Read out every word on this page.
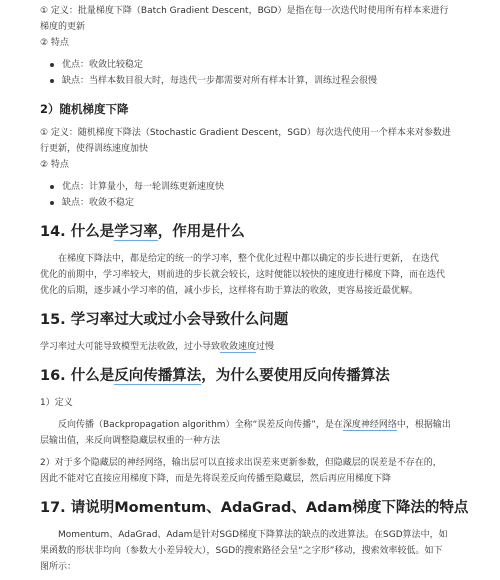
① 定义：批量梯度下降（Batch Gradient Descent，BGD）是指在每一次迭代时使用所有样本来进行

梯度的更新

② 特点

优点：收敛比较稳定
缺点：当样本数目很大时，每迭代一步都需要对所有样本计算，训练过程会很慢
2）随机梯度下降

① 定义：随机梯度下降法（Stochastic Gradient Descent，SGD）每次迭代使用一个样本来对参数进

行更新，使得训练速度加快

② 特点

优点：计算量小，每一轮训练更新速度快
缺点：收敛不稳定
14. 什么是学习率，作用是什么

在梯度下降法中，都是给定的统一的学习率，整个优化过程中都以确定的步长进行更新， 在迭代

优化的前期中，学习率较大，则前进的步长就会较长，这时便能以较快的速度进行梯度下降，而在迭代

优化的后期，逐步减小学习率的值，减小步长，这样将有助于算法的收敛，更容易接近最优解。

15. 学习率过大或过小会导致什么问题

学习率过大可能导致模型无法收敛，过小导致收敛速度过慢

16. 什么是反向传播算法，为什么要使用反向传播算法

1）定义

反向传播（Backpropagation algorithm）全称“误差反向传播”，是在深度神经网络中，根据输出

层输出值，来反向调整隐藏层权重的一种方法

2）对于多个隐藏层的神经网络，输出层可以直接求出误差来更新参数，但隐藏层的误差是不存在的，

因此不能对它直接应用梯度下降，而是先将误差反向传播至隐藏层，然后再应用梯度下降

17. 请说明Momentum、AdaGrad、Adam梯度下降法的特点

Momentum、AdaGrad、Adam是针对SGD梯度下降算法的缺点的改进算法。在SGD算法中，如

果函数的形状非均向（参数大小差异较大），SGD的搜索路径会呈“之字形”移动，搜索效率较低。如下

图所示：
